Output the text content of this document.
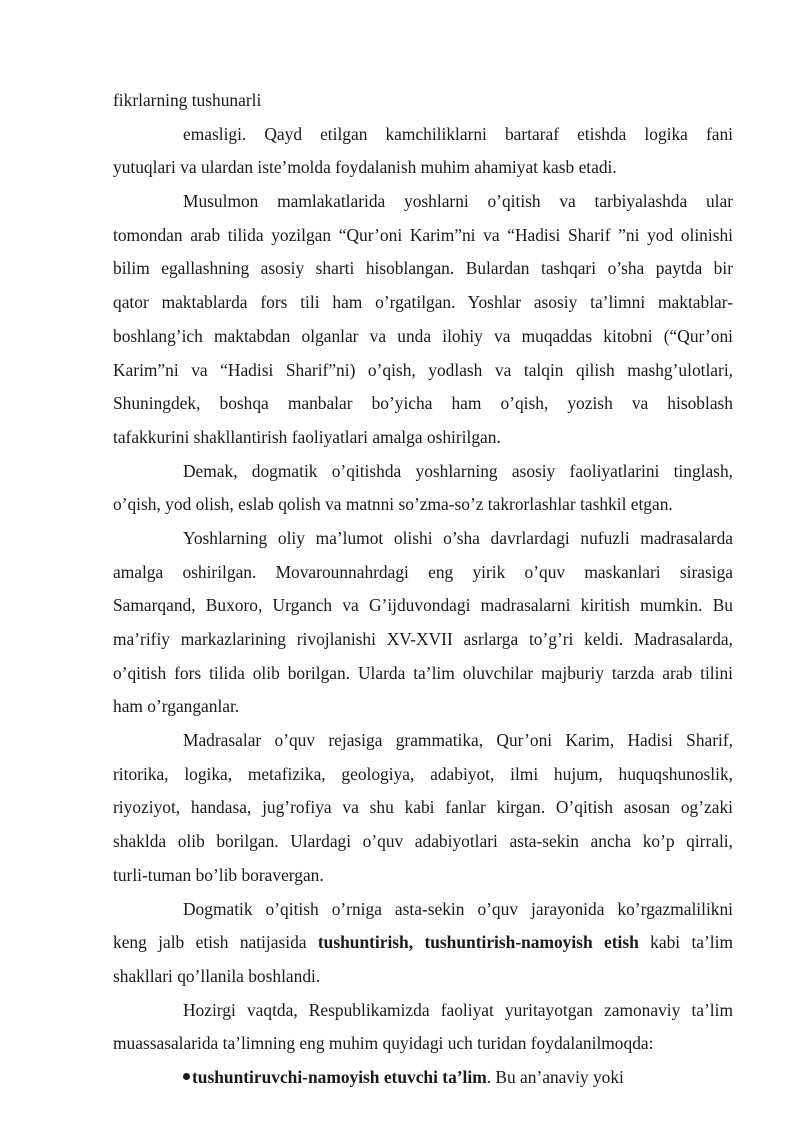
fikrlarning tushunarli
emasligi. Qayd etilgan kamchiliklarni bartaraf etishda logika fani
yutuqlari va ulardan iste’molda foydalanish muhim ahamiyat kasb etadi.
Musulmon mamlakatlarida yoshlarni o’qitish va tarbiyalashda ular
tomondan arab tilida yozilgan “Qur’oni Karim”ni va “Hadisi Sharif ”ni yod olinishi
bilim egallashning asosiy sharti hisoblangan. Bulardan tashqari o’sha paytda bir
qator maktablarda fors tili ham o’rgatilgan. Yoshlar asosiy ta’limni maktablar-
boshlang’ich maktabdan olganlar va unda ilohiy va muqaddas kitobni (“Qur’oni
Karim”ni va “Hadisi Sharif”ni) o’qish, yodlash va talqin qilish mashg’ulotlari,
Shuningdek, boshqa manbalar bo’yicha ham o’qish, yozish va hisoblash
tafakkurini shakllantirish faoliyatlari amalga oshirilgan.
Demak, dogmatik o’qitishda yoshlarning asosiy faoliyatlarini tinglash,
o’qish, yod olish, eslab qolish va matnni so’zma-so’z takrorlashlar tashkil etgan.
Yoshlarning oliy ma’lumot olishi o’sha davrlardagi nufuzli madrasalarda
amalga oshirilgan. Movarounnahrdagi eng yirik o’quv maskanlari sirasiga
Samarqand, Buxoro, Urganch va G’ijduvondagi madrasalarni kiritish mumkin. Bu
ma’rifiy markazlarining rivojlanishi XV-XVII asrlarga to’g’ri keldi. Madrasalarda,
o’qitish fors tilida olib borilgan. Ularda ta’lim oluvchilar majburiy tarzda arab tilini
ham o’rganganlar.
Madrasalar o’quv rejasiga grammatika, Qur’oni Karim, Hadisi Sharif,
ritorika, logika, metafizika, geologiya, adabiyot, ilmi hujum, huquqshunoslik,
riyoziyot, handasa, jug’rofiya va shu kabi fanlar kirgan. O’qitish asosan og’zaki
shaklda olib borilgan. Ulardagi o’quv adabiyotlari asta-sekin ancha ko’p qirrali,
turli-tuman bo’lib boravergan.
Dogmatik o’qitish o’rniga asta-sekin o’quv jarayonida ko’rgazmalilikni
keng jalb etish natijasida tushuntirish, tushuntirish-namoyish etish kabi ta’lim
shakllari qo’llanila boshlandi.
Hozirgi vaqtda, Respublikamizda faoliyat yuritayotgan zamonaviy ta’lim
muassasalarida ta’limning eng muhim quyidagi uch turidan foydalanilmoqda:
tushuntiruvchi-namoyish etuvchi ta’lim. Bu an’anaviy yoki
